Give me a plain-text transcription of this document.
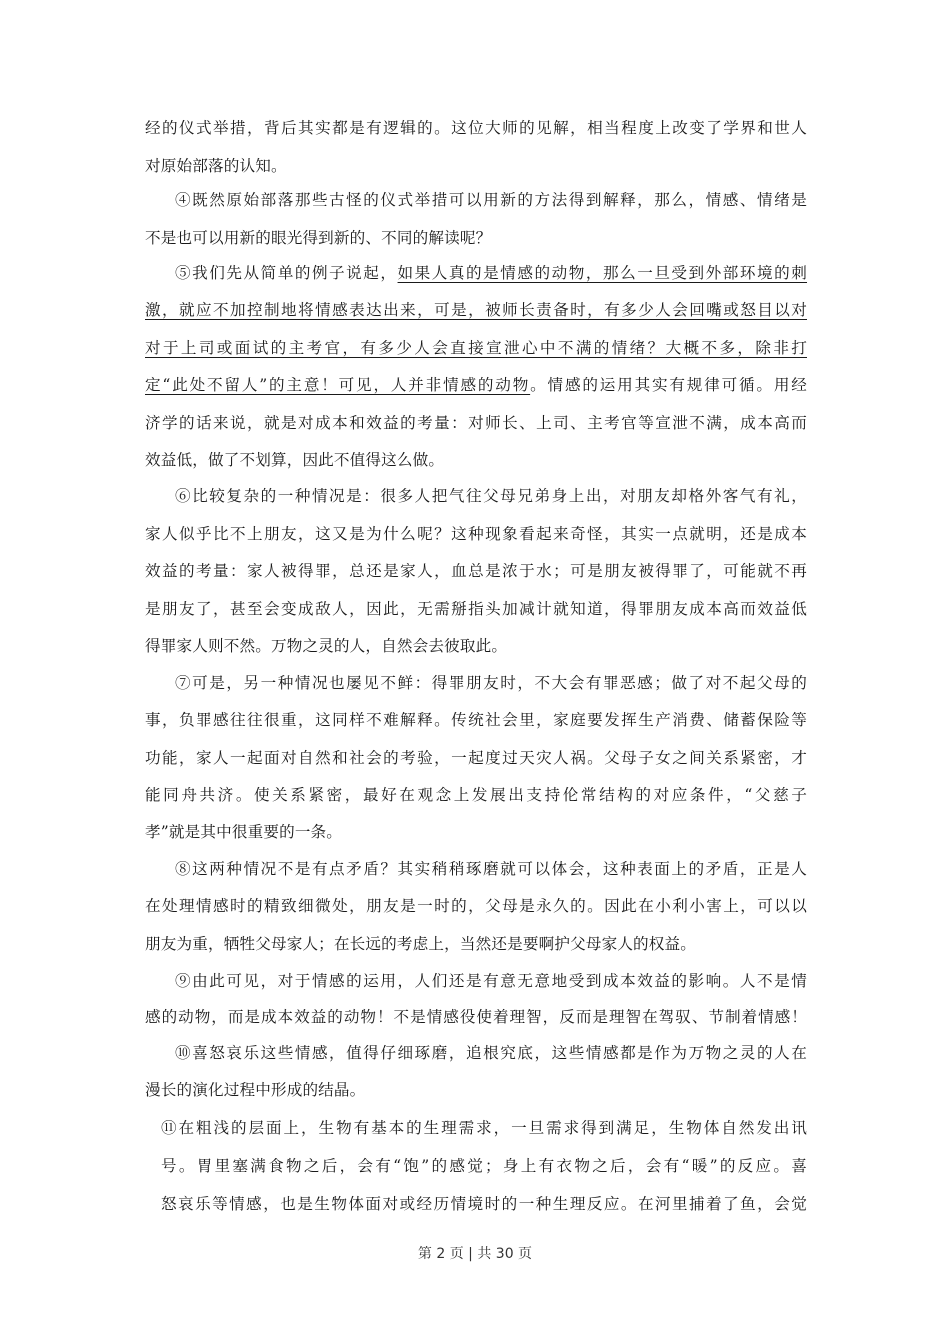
经的仪式举措，背后其实都是有逻辑的。这位大师的见解，相当程度上改变了学界和世人
对原始部落的认知。
④既然原始部落那些古怪的仪式举措可以用新的方法得到解释，那么，情感、情绪是
不是也可以用新的眼光得到新的、不同的解读呢？
⑤我们先从简单的例子说起，如果人真的是情感的动物，那么一旦受到外部环境的刺
激，就应不加控制地将情感表达出来，可是，被师长责备时，有多少人会回嘴或怒目以对
对于上司或面试的主考官，有多少人会直接宣泄心中不满的情绪？大概不多，除非打
定“此处不留人”的主意！可见，人并非情感的动物。情感的运用其实有规律可循。用经
济学的话来说，就是对成本和效益的考量：对师长、上司、主考官等宣泄不满，成本高而
效益低，做了不划算，因此不值得这么做。
⑥比较复杂的一种情况是：很多人把气往父母兄弟身上出，对朋友却格外客气有礼，
家人似乎比不上朋友，这又是为什么呢？这种现象看起来奇怪，其实一点就明，还是成本
效益的考量：家人被得罪，总还是家人，血总是浓于水；可是朋友被得罪了，可能就不再
是朋友了，甚至会变成敌人，因此，无需掰指头加减计就知道，得罪朋友成本高而效益低
得罪家人则不然。万物之灵的人，自然会去彼取此。
⑦可是，另一种情况也屡见不鲜：得罪朋友时，不大会有罪恶感；做了对不起父母的
事，负罪感往往很重，这同样不难解释。传统社会里，家庭要发挥生产消费、储蓄保险等
功能，家人一起面对自然和社会的考验，一起度过天灾人祸。父母子女之间关系紧密，才
能同舟共济。使关系紧密，最好在观念上发展出支持伦常结构的对应条件，“父慈子
孝”就是其中很重要的一条。
⑧这两种情况不是有点矛盾？其实稍稍琢磨就可以体会，这种表面上的矛盾，正是人
在处理情感时的精致细微处，朋友是一时的，父母是永久的。因此在小利小害上，可以以
朋友为重，牺牲父母家人；在长远的考虑上，当然还是要啊护父母家人的权益。
⑨由此可见，对于情感的运用，人们还是有意无意地受到成本效益的影响。人不是情
感的动物，而是成本效益的动物！不是情感役使着理智，反而是理智在驾驭、节制着情感！
⑩喜怒哀乐这些情感，值得仔细琢磨，追根究底，这些情感都是作为万物之灵的人在
漫长的演化过程中形成的结晶。
⑪在粗浅的层面上，生物有基本的生理需求，一旦需求得到满足，生物体自然发出讯
号。胃里塞满食物之后，会有“饱”的感觉；身上有衣物之后，会有“暖”的反应。喜
怒哀乐等情感，也是生物体面对或经历情境时的一种生理反应。在河里捕着了鱼，会觉
第 2 页 | 共 30 页
